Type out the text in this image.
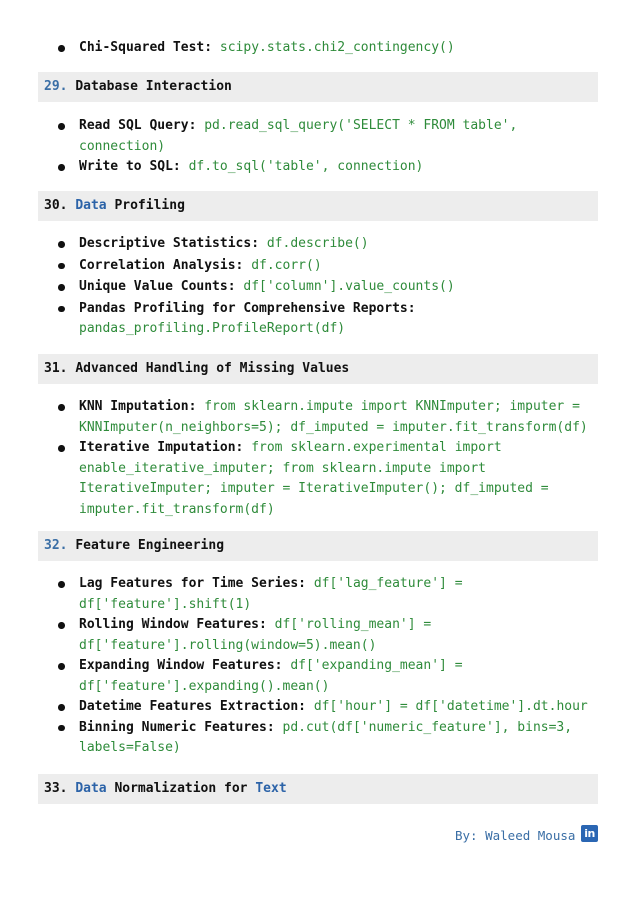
Chi-Squared Test: scipy.stats.chi2_contingency()
29. Database Interaction
Read SQL Query: pd.read_sql_query('SELECT * FROM table', connection)
Write to SQL: df.to_sql('table', connection)
30. Data Profiling
Descriptive Statistics: df.describe()
Correlation Analysis: df.corr()
Unique Value Counts: df['column'].value_counts()
Pandas Profiling for Comprehensive Reports:
pandas_profiling.ProfileReport(df)
31. Advanced Handling of Missing Values
KNN Imputation: from sklearn.impute import KNNImputer; imputer = KNNImputer(n_neighbors=5); df_imputed = imputer.fit_transform(df)
Iterative Imputation: from sklearn.experimental import enable_iterative_imputer; from sklearn.impute import IterativeImputer; imputer = IterativeImputer(); df_imputed = imputer.fit_transform(df)
32. Feature Engineering
Lag Features for Time Series: df['lag_feature'] = df['feature'].shift(1)
Rolling Window Features: df['rolling_mean'] = df['feature'].rolling(window=5).mean()
Expanding Window Features: df['expanding_mean'] = df['feature'].expanding().mean()
Datetime Features Extraction: df['hour'] = df['datetime'].dt.hour
Binning Numeric Features: pd.cut(df['numeric_feature'], bins=3, labels=False)
33. Data Normalization for Text
By: Waleed Mousa in
